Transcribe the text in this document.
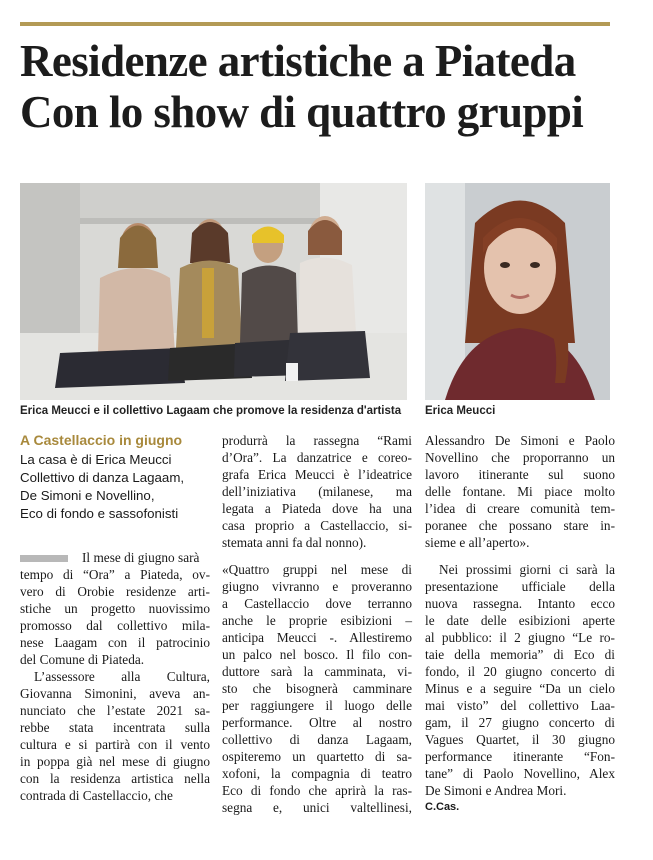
Residenze artistiche a Piateda
Con lo show di quattro gruppi
Erica Meucci e il collettivo Lagaam che promove la residenza d'artista Erica Meucci
A Castellaccio in giugno
La casa è di Erica Meucci
Collettivo di danza Lagaam,
De Simoni e Novellino,
Eco di fondo e sassofonisti
Il mese di giugno sarà
tempo di “Ora” a Piateda, ov-
vero di Orobie residenze arti-
stiche un progetto nuovissimo
promosso dal collettivo mila-
nese Laagam con il patrocinio
del Comune di Piateda.
L’assessore alla Cultura,
Giovanna Simonini, aveva an-
nunciato che l’estate 2021 sa-
rebbe stata incentrata sulla
cultura e si partirà con il vento
in poppa già nel mese di giugno
con la residenza artistica nella
contrada di Castellaccio, che
produrrà la rassegna “Rami
d’Ora”. La danzatrice e coreo-
grafa Erica Meucci è l’ideatrice
dell’iniziativa (milanese, ma
legata a Piateda dove ha una
casa proprio a Castellaccio, si-
stemata anni fa dal nonno).
«Quattro gruppi nel mese di
giugno vivranno e proveranno
a Castellaccio dove terranno
anche le proprie esibizioni –
anticipa Meucci -. Allestiremo
un palco nel bosco. Il filo con-
duttore sarà la camminata, vi-
sto che bisognerà camminare
per raggiungere il luogo delle
performance. Oltre al nostro
collettivo di danza Lagaam,
ospiteremo un quartetto di sa-
xofoni, la compagnia di teatro
Eco di fondo che aprirà la ras-
segna e, unici valtellinesi,
Alessandro De Simoni e Paolo
Novellino che proporranno un
lavoro itinerante sul suono
delle fontane. Mi piace molto
l’idea di creare comunità tem-
poranee che possano stare in-
sieme e all’aperto».
Nei prossimi giorni ci sarà la
presentazione ufficiale della
nuova rassegna. Intanto ecco
le date delle esibizioni aperte
al pubblico: il 2 giugno “Le ro-
taie della memoria” di Eco di
fondo, il 20 giugno concerto di
Minus e a seguire “Da un cielo
mai visto” del collettivo Laa-
gam, il 27 giugno concerto di
Vagues Quartet, il 30 giugno
performance itinerante “Fon-
tane” di Paolo Novellino, Alex
De Simoni e Andrea Mori.
C.Cas.
